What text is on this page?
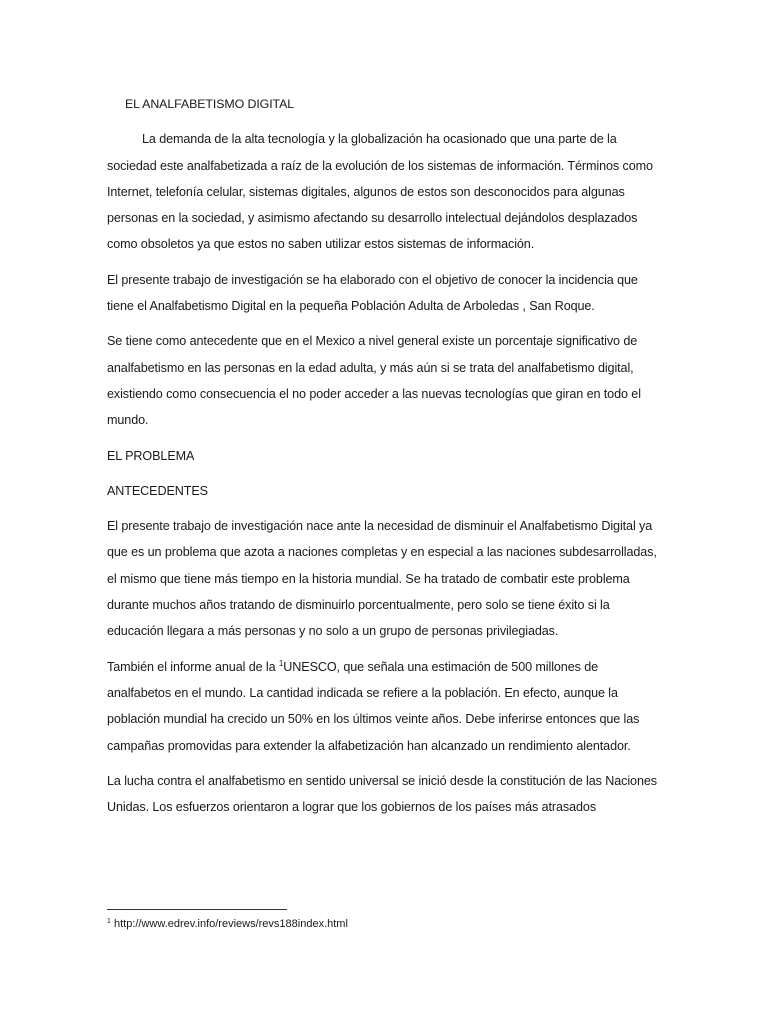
EL ANALFABETISMO DIGITAL

La demanda de la alta tecnología y la globalización ha ocasionado que una parte de la sociedad este analfabetizada a raíz de la evolución de los sistemas de información. Términos como Internet, telefonía celular, sistemas digitales, algunos de estos son desconocidos para algunas personas en la sociedad, y asimismo afectando su desarrollo intelectual dejándolos desplazados como obsoletos ya que estos no saben utilizar estos sistemas de información.

El presente trabajo de investigación se ha elaborado con el objetivo de conocer la incidencia que tiene el Analfabetismo Digital en la pequeña Población Adulta de Arboledas , San Roque.

Se tiene como antecedente que en el Mexico a nivel general existe un porcentaje significativo de analfabetismo en las personas en la edad adulta, y más aún si se trata del analfabetismo digital, existiendo como consecuencia el no poder acceder a las nuevas tecnologías que giran en todo el mundo.

EL PROBLEMA

ANTECEDENTES

El presente trabajo de investigación nace ante la necesidad de disminuir el Analfabetismo Digital ya que es un problema que azota a naciones completas y en especial a las naciones subdesarrolladas, el mismo que tiene más tiempo en la historia mundial. Se ha tratado de combatir este problema durante muchos años tratando de disminuirlo porcentualmente, pero solo se tiene éxito si la educación llegara a más personas y no solo a un grupo de personas privilegiadas.

También el informe anual de la $^1$UNESCO, que señala una estimación de 500 millones de analfabetos en el mundo. La cantidad indicada se refiere a la población. En efecto, aunque la población mundial ha crecido un 50% en los últimos veinte años. Debe inferirse entonces que las campañas promovidas para extender la alfabetización han alcanzado un rendimiento alentador.

La lucha contra el analfabetismo en sentido universal se inició desde la constitución de las Naciones Unidas. Los esfuerzos orientaron a lograr que los gobiernos de los países más atrasados

$^1$ http://www.edrev.info/reviews/revs188index.html
